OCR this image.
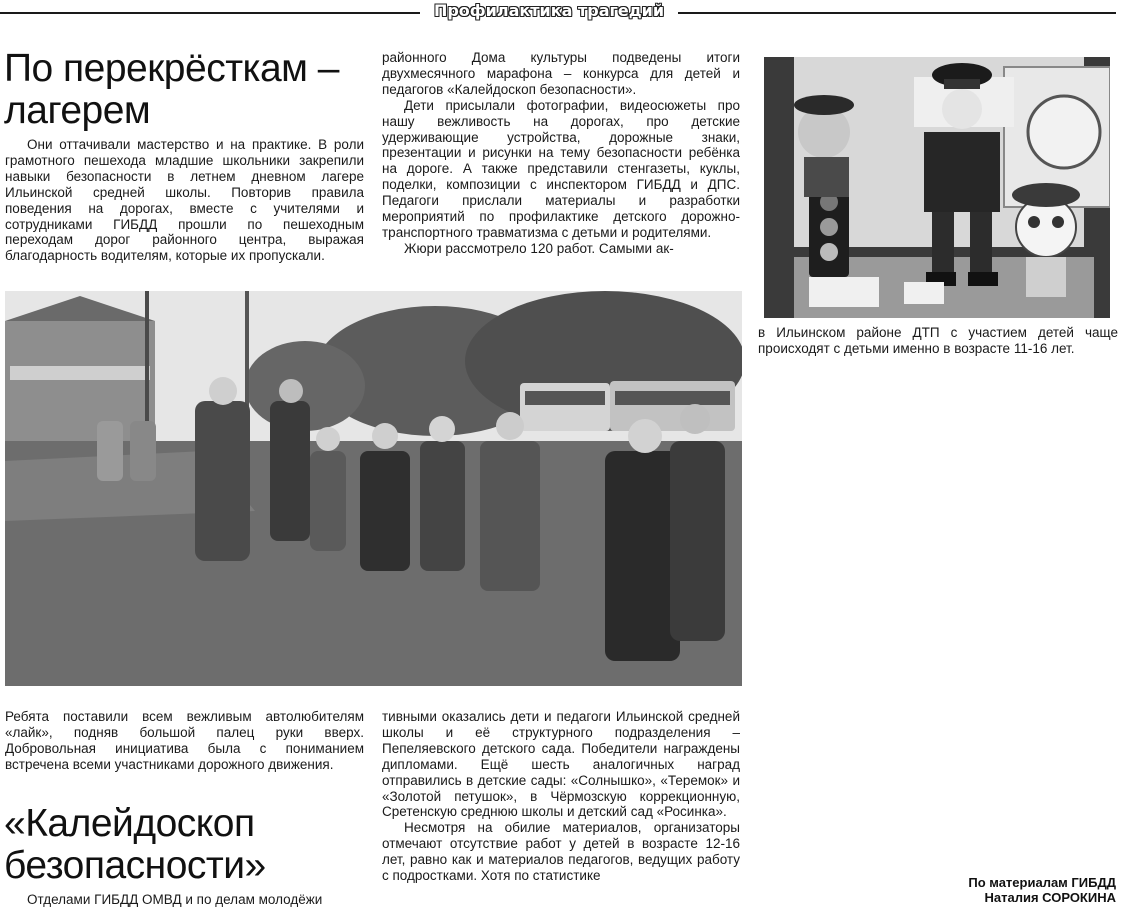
Профилактика трагедий
По перекрёсткам –
лагерем

Они оттачивали мастерство и на практике. В роли грамотного пешехода младшие школьники закрепили навыки безопасности в летнем дневном лагере Ильинской средней школы. Повторив правила поведения на дорогах, вместе с учителями и сотрудниками ГИБДД прошли по пешеходным переходам дорог районного центра, выражая благодарность водителям, которые их пропускали.

районного Дома культуры подведены итоги двухмесячного марафона – конкурса для детей и педагогов «Калейдоскоп безопасности».

Дети присылали фотографии, видеосюжеты про нашу вежливость на дорогах, про детские удерживающие устройства, дорожные знаки, презентации и рисунки на тему безопасности ребёнка на дороге. А также представили стенгазеты, куклы, поделки, композиции с инспектором ГИБДД и ДПС. Педагоги прислали материалы и разработки мероприятий по профилактике детского дорожно-транспортного травматизма с детьми и родителями.

Жюри рассмотрело 120 работ. Самыми ак-

в Ильинском районе ДТП с участием детей чаще происходят с детьми именно в возрасте 11-16 лет.

Ребята поставили всем вежливым автолюбителям «лайк», подняв большой палец руки вверх. Добровольная инициатива была с пониманием встречена всеми участниками дорожного движения.

«Калейдоскоп
безопасности»

Отделами ГИБДД ОМВД и по делам молодёжи

тивными оказались дети и педагоги Ильинской средней школы и её структурного подразделения – Пепеляевского детского сада. Победители награждены дипломами. Ещё шесть аналогичных наград отправились в детские сады: «Солнышко», «Теремок» и «Золотой петушок», в Чёрмозскую коррекционную, Сретенскую среднюю школы и детский сад «Росинка».

Несмотря на обилие материалов, организаторы отмечают отсутствие работ у детей в возрасте 12-16 лет, равно как и материалов педагогов, ведущих работу с подростками. Хотя по статистике	По материалам ГИБДД
Наталия СОРОКИНА
